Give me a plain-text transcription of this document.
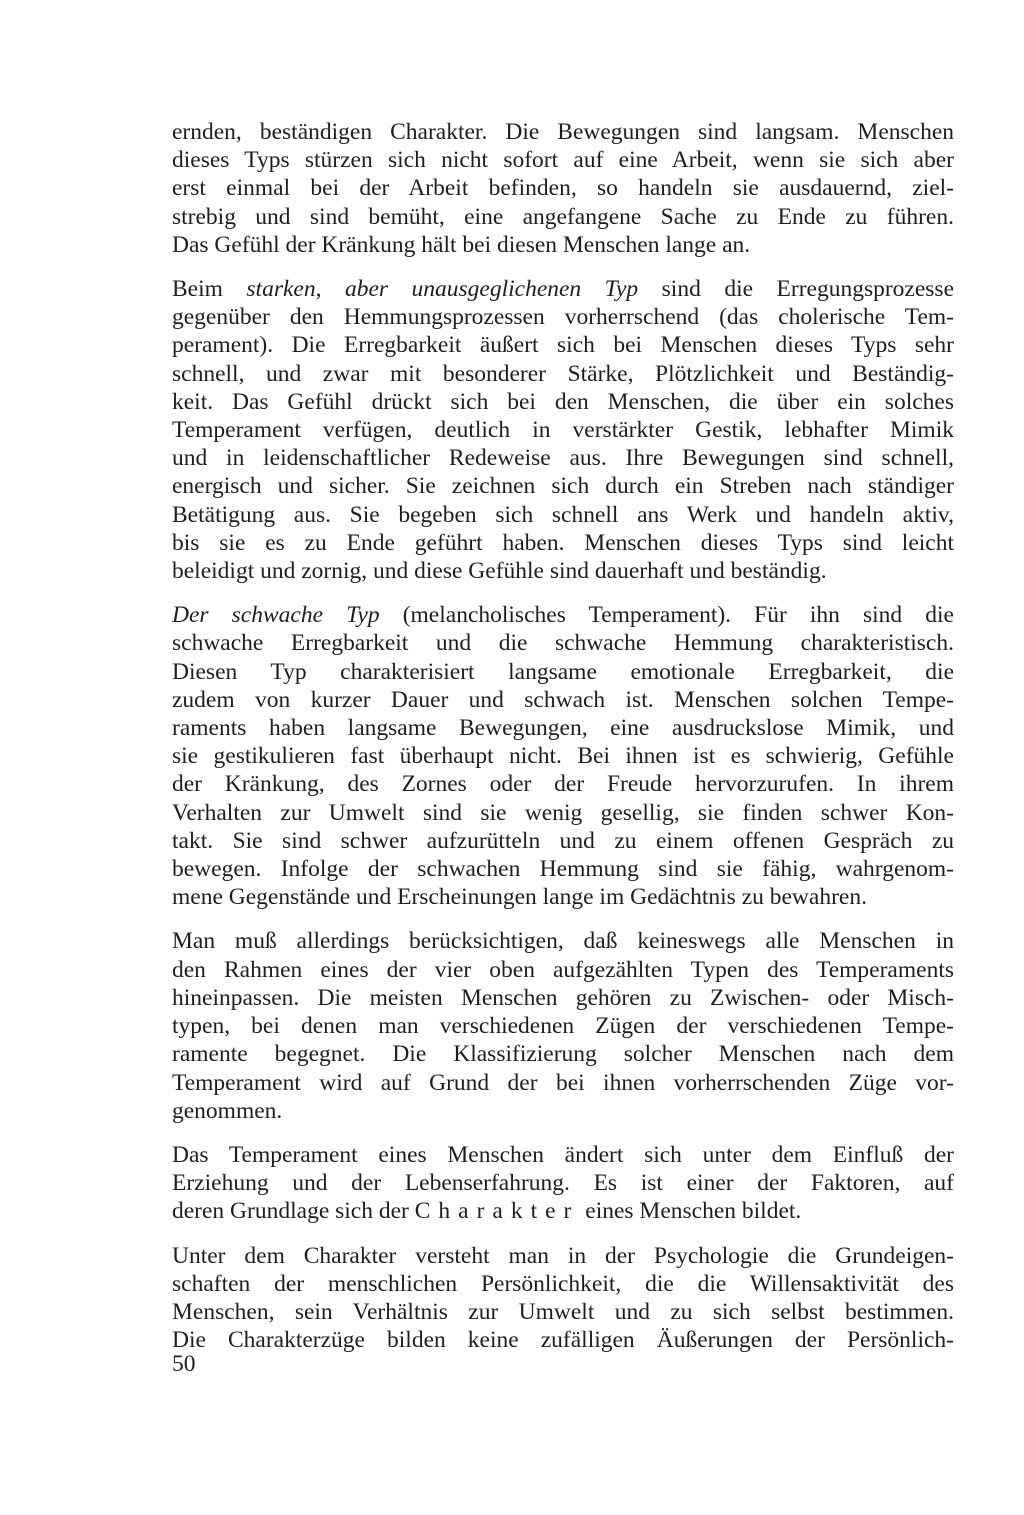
ernden, beständigen Charakter. Die Bewegungen sind langsam. Menschen
dieses Typs stürzen sich nicht sofort auf eine Arbeit, wenn sie sich aber
erst einmal bei der Arbeit befinden, so handeln sie ausdauernd, ziel-
strebig und sind bemüht, eine angefangene Sache zu Ende zu führen.
Das Gefühl der Kränkung hält bei diesen Menschen lange an.

Beim starken, aber unausgeglichenen Typ sind die Erregungsprozesse
gegenüber den Hemmungsprozessen vorherrschend (das cholerische Tem-
perament). Die Erregbarkeit äußert sich bei Menschen dieses Typs sehr
schnell, und zwar mit besonderer Stärke, Plötzlichkeit und Beständig-
keit. Das Gefühl drückt sich bei den Menschen, die über ein solches
Temperament verfügen, deutlich in verstärkter Gestik, lebhafter Mimik
und in leidenschaftlicher Redeweise aus. Ihre Bewegungen sind schnell,
energisch und sicher. Sie zeichnen sich durch ein Streben nach ständiger
Betätigung aus. Sie begeben sich schnell ans Werk und handeln aktiv,
bis sie es zu Ende geführt haben. Menschen dieses Typs sind leicht
beleidigt und zornig, und diese Gefühle sind dauerhaft und beständig.

Der schwache Typ (melancholisches Temperament). Für ihn sind die
schwache Erregbarkeit und die schwache Hemmung charakteristisch.
Diesen Typ charakterisiert langsame emotionale Erregbarkeit, die
zudem von kurzer Dauer und schwach ist. Menschen solchen Tempe-
raments haben langsame Bewegungen, eine ausdruckslose Mimik, und
sie gestikulieren fast überhaupt nicht. Bei ihnen ist es schwierig, Gefühle
der Kränkung, des Zornes oder der Freude hervorzurufen. In ihrem
Verhalten zur Umwelt sind sie wenig gesellig, sie finden schwer Kon-
takt. Sie sind schwer aufzurütteln und zu einem offenen Gespräch zu
bewegen. Infolge der schwachen Hemmung sind sie fähig, wahrgenom-
mene Gegenstände und Erscheinungen lange im Gedächtnis zu bewahren.

Man muß allerdings berücksichtigen, daß keineswegs alle Menschen in
den Rahmen eines der vier oben aufgezählten Typen des Temperaments
hineinpassen. Die meisten Menschen gehören zu Zwischen- oder Misch-
typen, bei denen man verschiedenen Zügen der verschiedenen Tempe-
ramente begegnet. Die Klassifizierung solcher Menschen nach dem
Temperament wird auf Grund der bei ihnen vorherrschenden Züge vor-
genommen.

Das Temperament eines Menschen ändert sich unter dem Einfluß der
Erziehung und der Lebenserfahrung. Es ist einer der Faktoren, auf
deren Grundlage sich der Charakter eines Menschen bildet.

Unter dem Charakter versteht man in der Psychologie die Grundeigen-
schaften der menschlichen Persönlichkeit, die die Willensaktivität des
Menschen, sein Verhältnis zur Umwelt und zu sich selbst bestimmen.
Die Charakterzüge bilden keine zufälligen Äußerungen der Persönlich-

50
